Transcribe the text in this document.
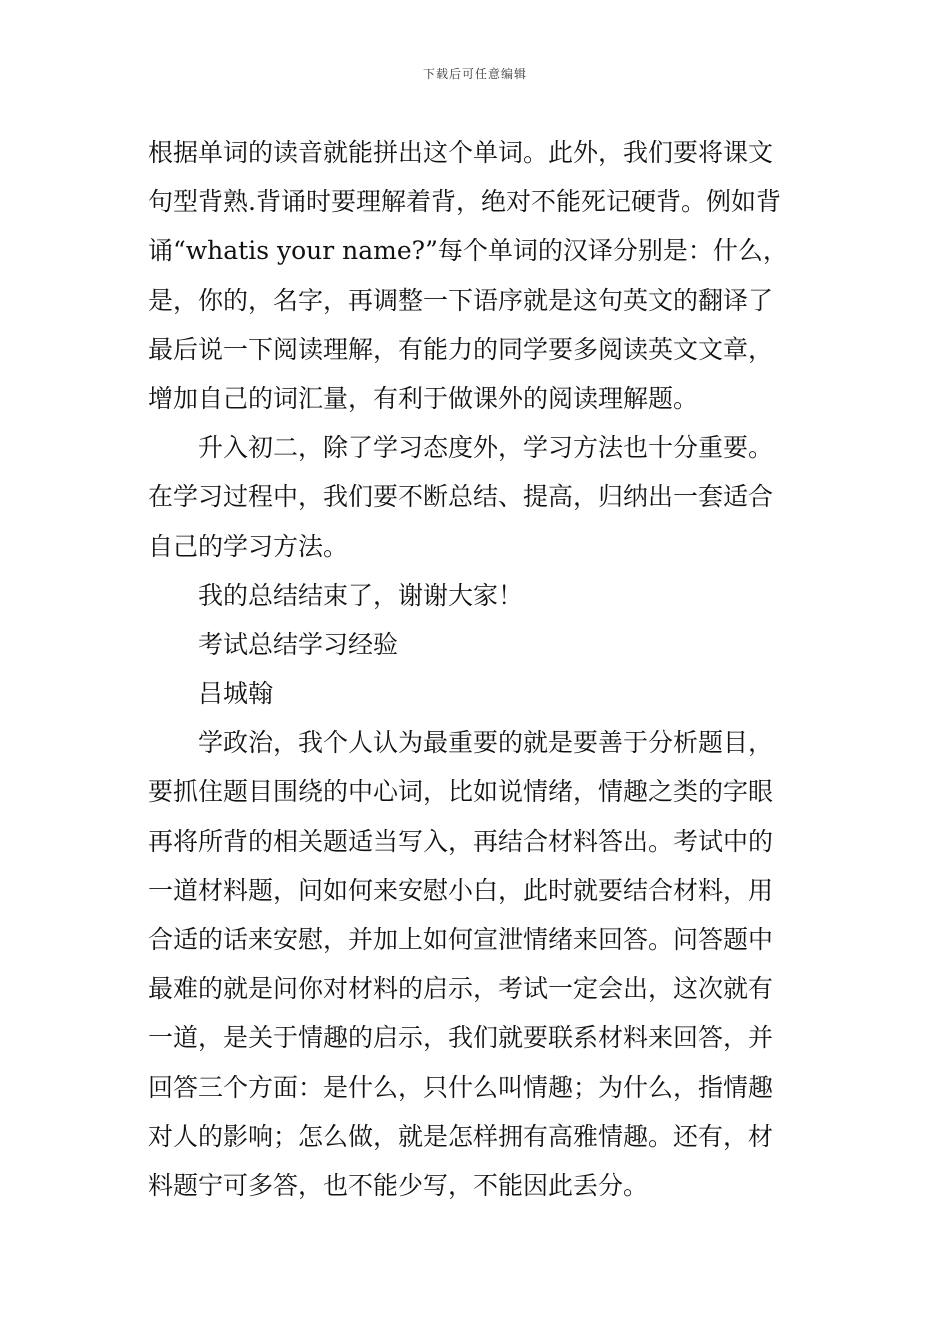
下载后可任意编辑
根据单词的读音就能拼出这个单词。此外，我们要将课文
句型背熟.背诵时要理解着背，绝对不能死记硬背。例如背
诵“whatis your name?”每个单词的汉译分别是：什么，
是，你的，名字，再调整一下语序就是这句英文的翻译了
最后说一下阅读理解，有能力的同学要多阅读英文文章，
增加自己的词汇量，有利于做课外的阅读理解题。
升入初二，除了学习态度外，学习方法也十分重要。
在学习过程中，我们要不断总结、提高，归纳出一套适合
自己的学习方法。
我的总结结束了，谢谢大家！
考试总结学习经验
吕城翰
学政治，我个人认为最重要的就是要善于分析题目，
要抓住题目围绕的中心词，比如说情绪，情趣之类的字眼
再将所背的相关题适当写入，再结合材料答出。考试中的
一道材料题，问如何来安慰小白，此时就要结合材料，用
合适的话来安慰，并加上如何宣泄情绪来回答。问答题中
最难的就是问你对材料的启示，考试一定会出，这次就有
一道，是关于情趣的启示，我们就要联系材料来回答，并
回答三个方面：是什么，只什么叫情趣；为什么，指情趣
对人的影响；怎么做，就是怎样拥有高雅情趣。还有，材
料题宁可多答，也不能少写，不能因此丢分。
